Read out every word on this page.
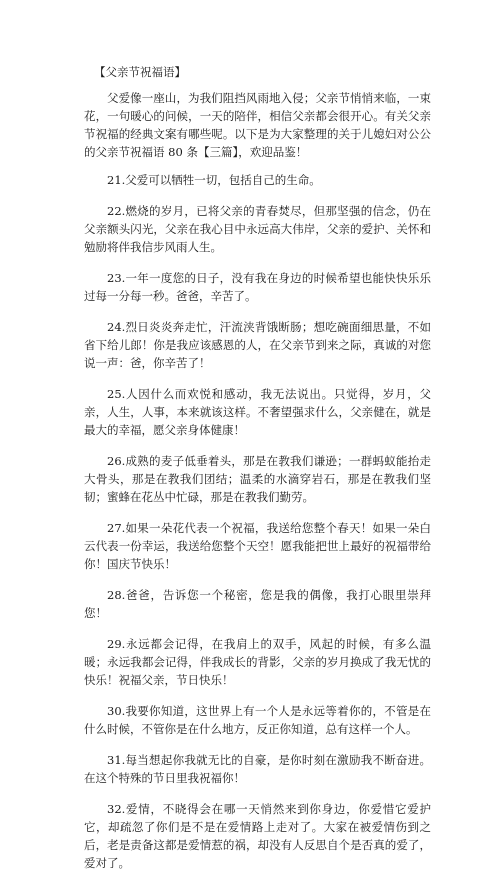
【父亲节祝福语】

父爱像一座山，为我们阻挡风雨地入侵；父亲节悄悄来临，一束花，一句暖心的问候，一天的陪伴，相信父亲都会很开心。有关父亲节祝福的经典文案有哪些呢。以下是为大家整理的关于儿媳妇对公公的父亲节祝福语 80 条【三篇】，欢迎品鉴！

21.父爱可以牺牲一切，包括自己的生命。

22.燃烧的岁月，已将父亲的青春焚尽，但那坚强的信念，仍在父亲额头闪光，父亲在我心目中永远高大伟岸，父亲的爱护、关怀和勉励将伴我信步风雨人生。

23.一年一度您的日子，没有我在身边的时候希望也能快快乐乐过每一分每一秒。爸爸，辛苦了。

24.烈日炎炎奔走忙，汗流浃背饿断肠；想吃碗面细思量，不如省下给儿郎！你是我应该感恩的人，在父亲节到来之际，真诚的对您说一声：爸，你辛苦了！

25.人因什么而欢悦和感动，我无法说出。只觉得，岁月，父亲，人生，人事，本来就该这样。不奢望强求什么，父亲健在，就是最大的幸福，愿父亲身体健康！

26.成熟的麦子低垂着头，那是在教我们谦逊；一群蚂蚁能抬走大骨头，那是在教我们团结；温柔的水滴穿岩石，那是在教我们坚韧；蜜蜂在花丛中忙碌，那是在教我们勤劳。

27.如果一朵花代表一个祝福，我送给您整个春天！如果一朵白云代表一份幸运，我送给您整个天空！愿我能把世上最好的祝福带给你！国庆节快乐！

28.爸爸，告诉您一个秘密，您是我的偶像，我打心眼里崇拜您！

29.永远都会记得，在我肩上的双手，风起的时候，有多么温暖；永远我都会记得，伴我成长的背影，父亲的岁月换成了我无忧的快乐！祝福父亲，节日快乐！

30.我要你知道，这世界上有一个人是永远等着你的，不管是在什么时候，不管你是在什么地方，反正你知道，总有这样一个人。

31.每当想起你我就无比的自豪，是你时刻在激励我不断奋进。在这个特殊的节日里我祝福你！

32.爱情，不晓得会在哪一天悄然来到你身边，你爱惜它爱护它，却疏忽了你们是不是在爱情路上走对了。大家在被爱情伤到之后，老是责备这都是爱情惹的祸，却没有人反思自个是否真的爱了，爱对了。
